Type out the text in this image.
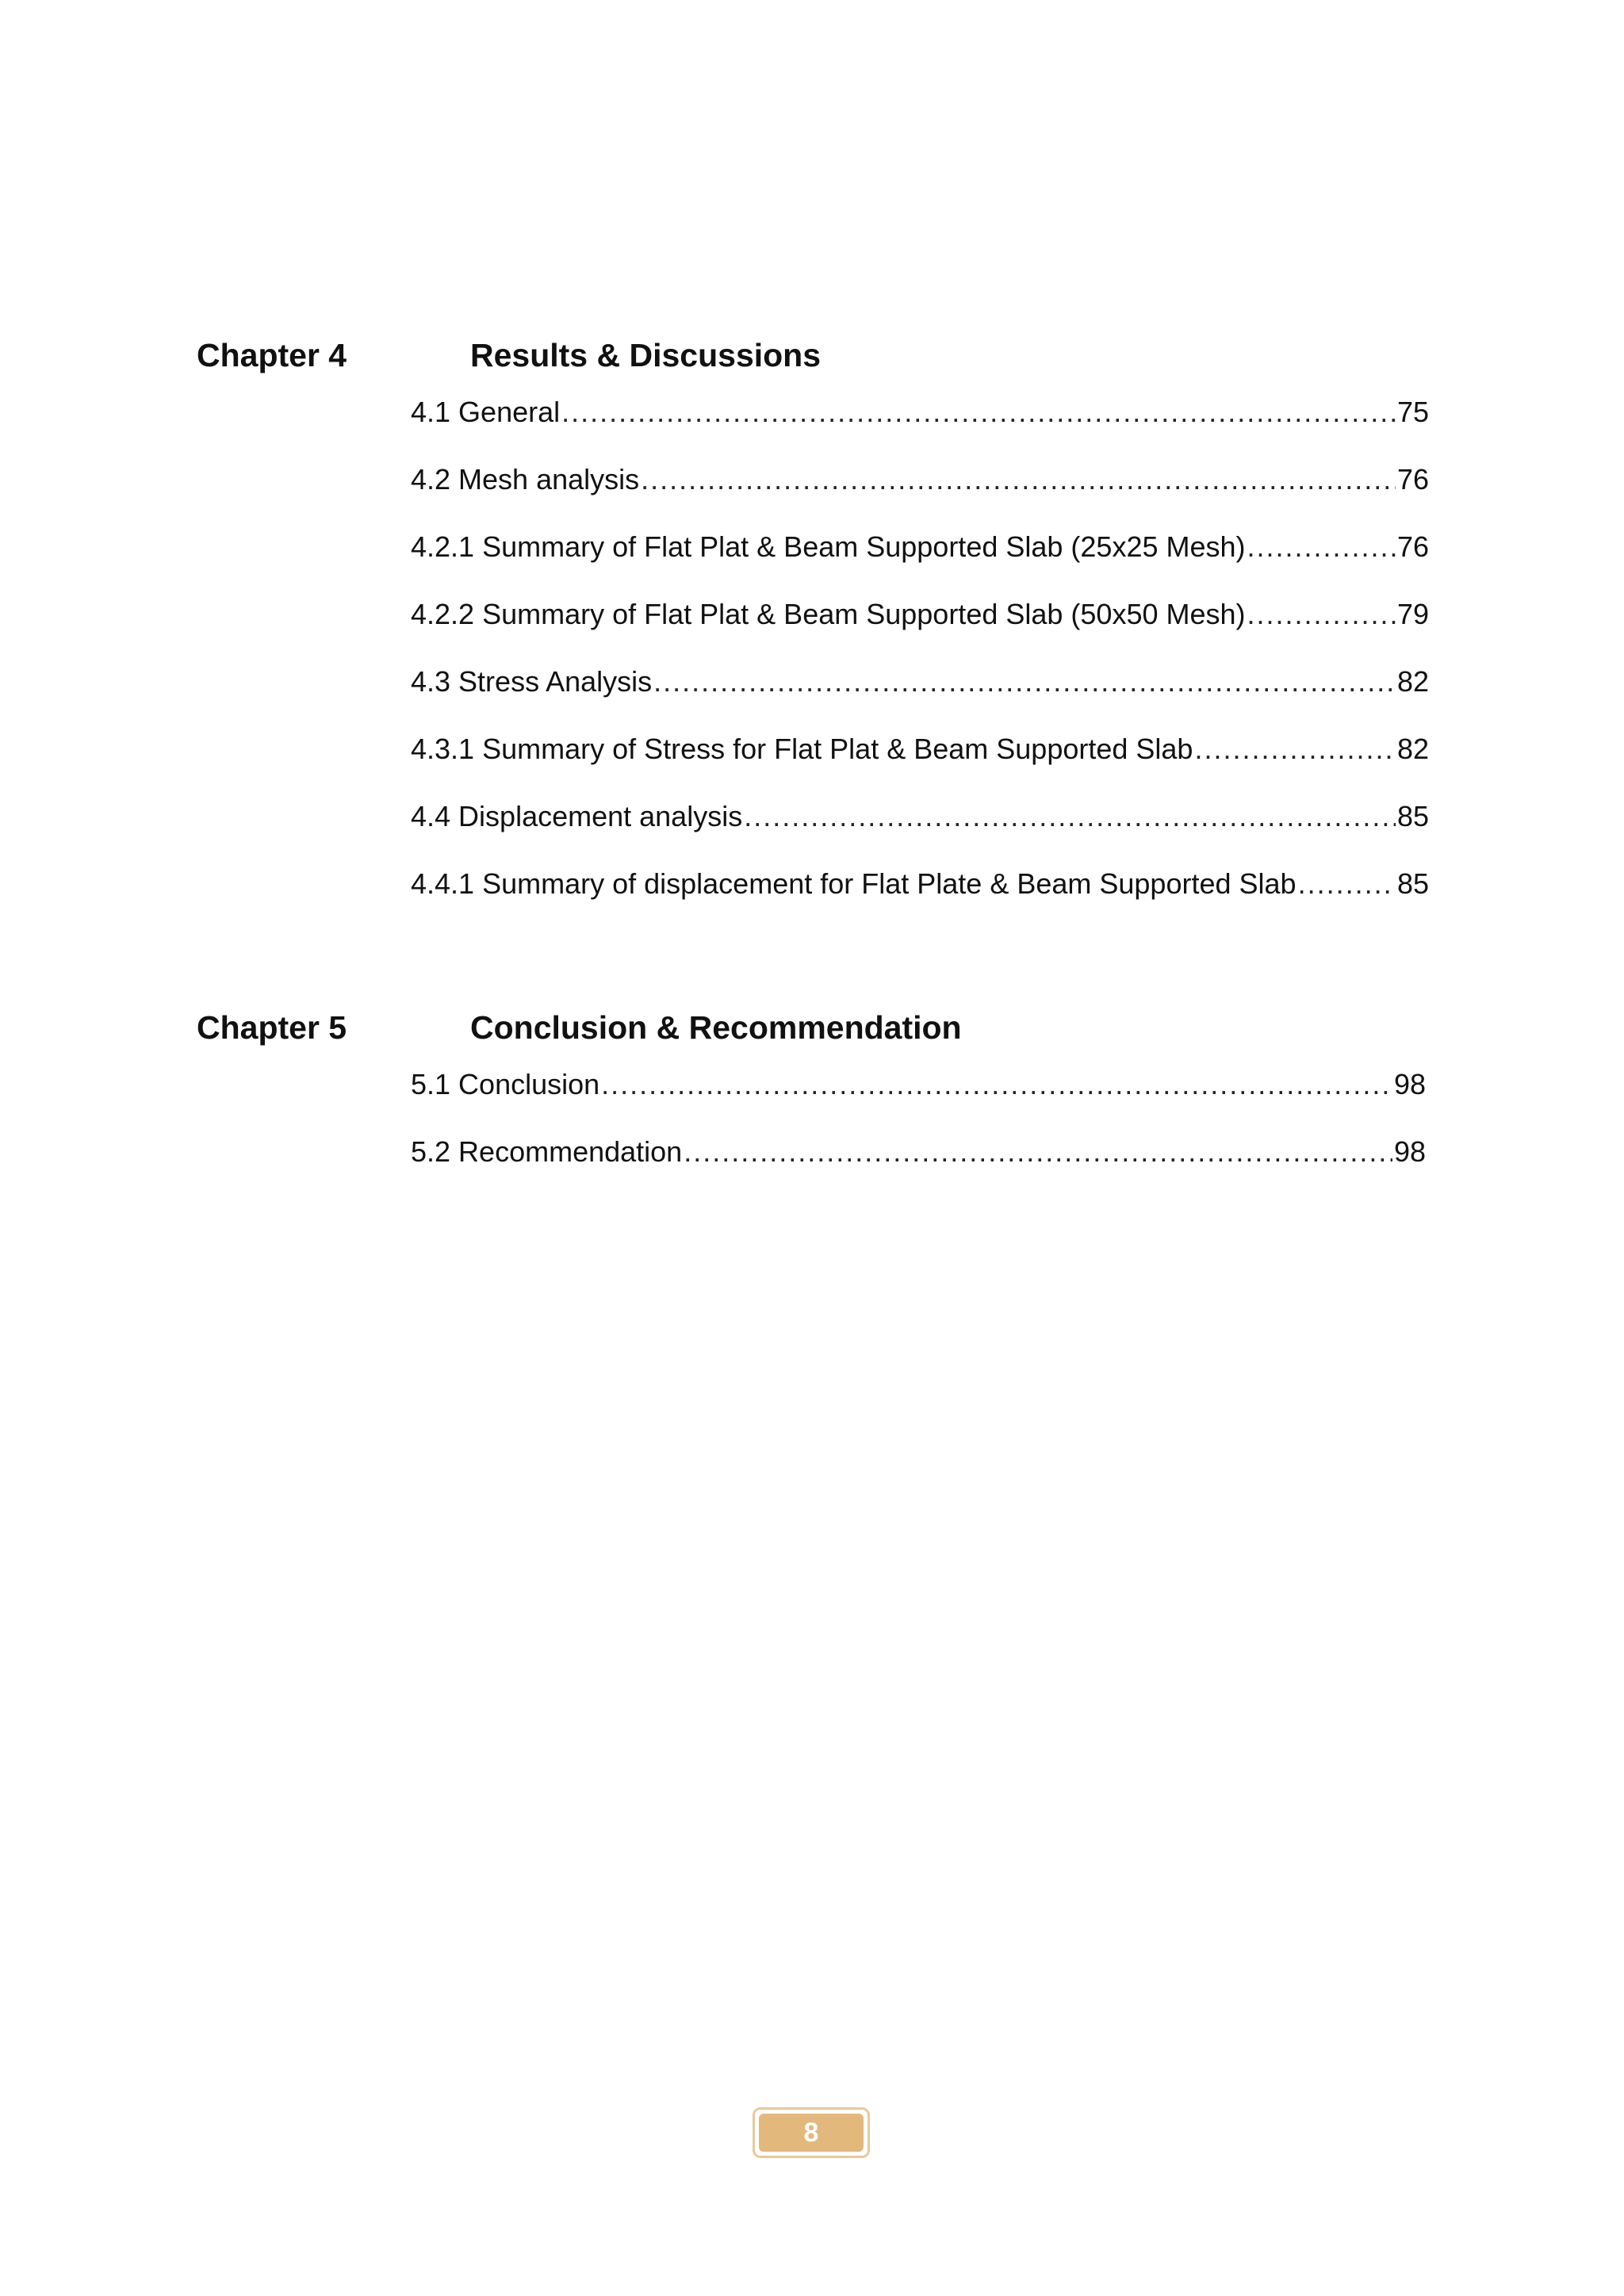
Chapter 4	Results & Discussions
4.1 General .....	75
4.2 Mesh analysis .....	76
4.2.1 Summary of Flat Plat & Beam Supported Slab (25x25 Mesh) .....	76
4.2.2 Summary of Flat Plat & Beam Supported Slab (50x50 Mesh) .....	79
4.3 Stress Analysis .....	82
4.3.1 Summary of Stress for Flat Plat & Beam Supported Slab .....	82
4.4 Displacement analysis .....	85
4.4.1 Summary of displacement for Flat Plate & Beam Supported Slab .....	85
Chapter 5	Conclusion & Recommendation
5.1 Conclusion .....	98
5.2 Recommendation .....	98
8
